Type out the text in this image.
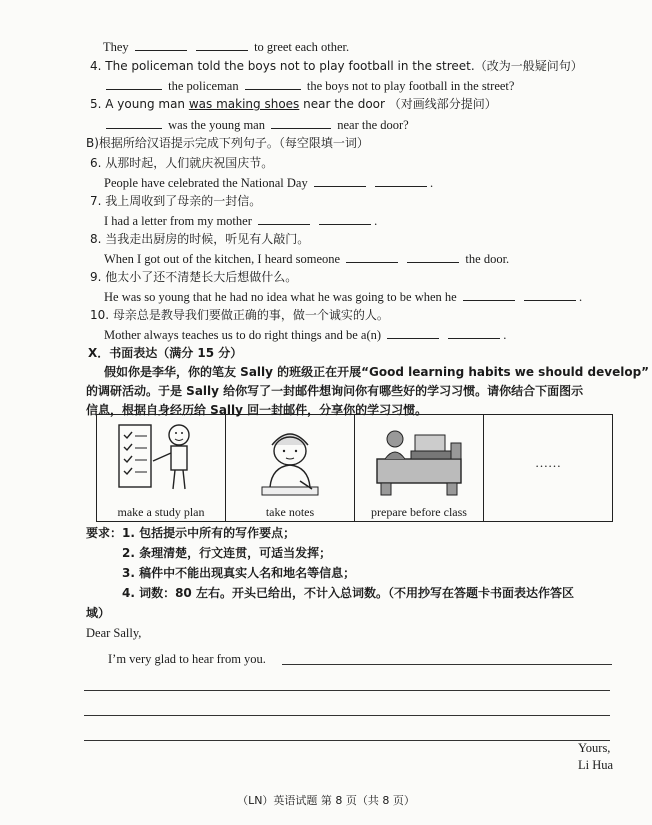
They	to greet each other.
4. The policeman told the boys not to play football in the street.（改为一般疑问句）
the policeman	the boys not to play football in the street?
5. A young man was making shoes near the door （对画线部分提问）
was the young man	near the door?
B)根据所给汉语提示完成下列句子。（每空限填一词）
6. 从那时起，人们就庆祝国庆节。
People have celebrated the National Day	.
7. 我上周收到了母亲的一封信。
I had a letter from my mother	.
8. 当我走出厨房的时候，听见有人敲门。
When I got out of the kitchen, I heard someone	the door.
9. 他太小了还不清楚长大后想做什么。
He was so young that he had no idea what he was going to be when he	.
10. 母亲总是教导我们要做正确的事，做一个诚实的人。
Mother always teaches us to do right things and be a(n)	.
X．书面表达（满分 15 分）
假如你是李华，你的笔友 Sally 的班级正在开展“Good learning habits we should develop”
的调研活动。于是 Sally 给你写了一封邮件想询问你有哪些好的学习习惯。请你结合下面图示
信息，根据自身经历给 Sally 回一封邮件，分享你的学习习惯。
make a study plan	take notes	prepare before class
……
要求：1. 包括提示中所有的写作要点；
2. 条理清楚，行文连贯，可适当发挥；
3. 稿件中不能出现真实人名和地名等信息；
4. 词数：80 左右。开头已给出，不计入总词数。（不用抄写在答题卡书面表达作答区
域）
Dear Sally,
I’m very glad to hear from you.
Yours,
Li Hua
（LN）英语试题 第 8 页（共 8 页）
